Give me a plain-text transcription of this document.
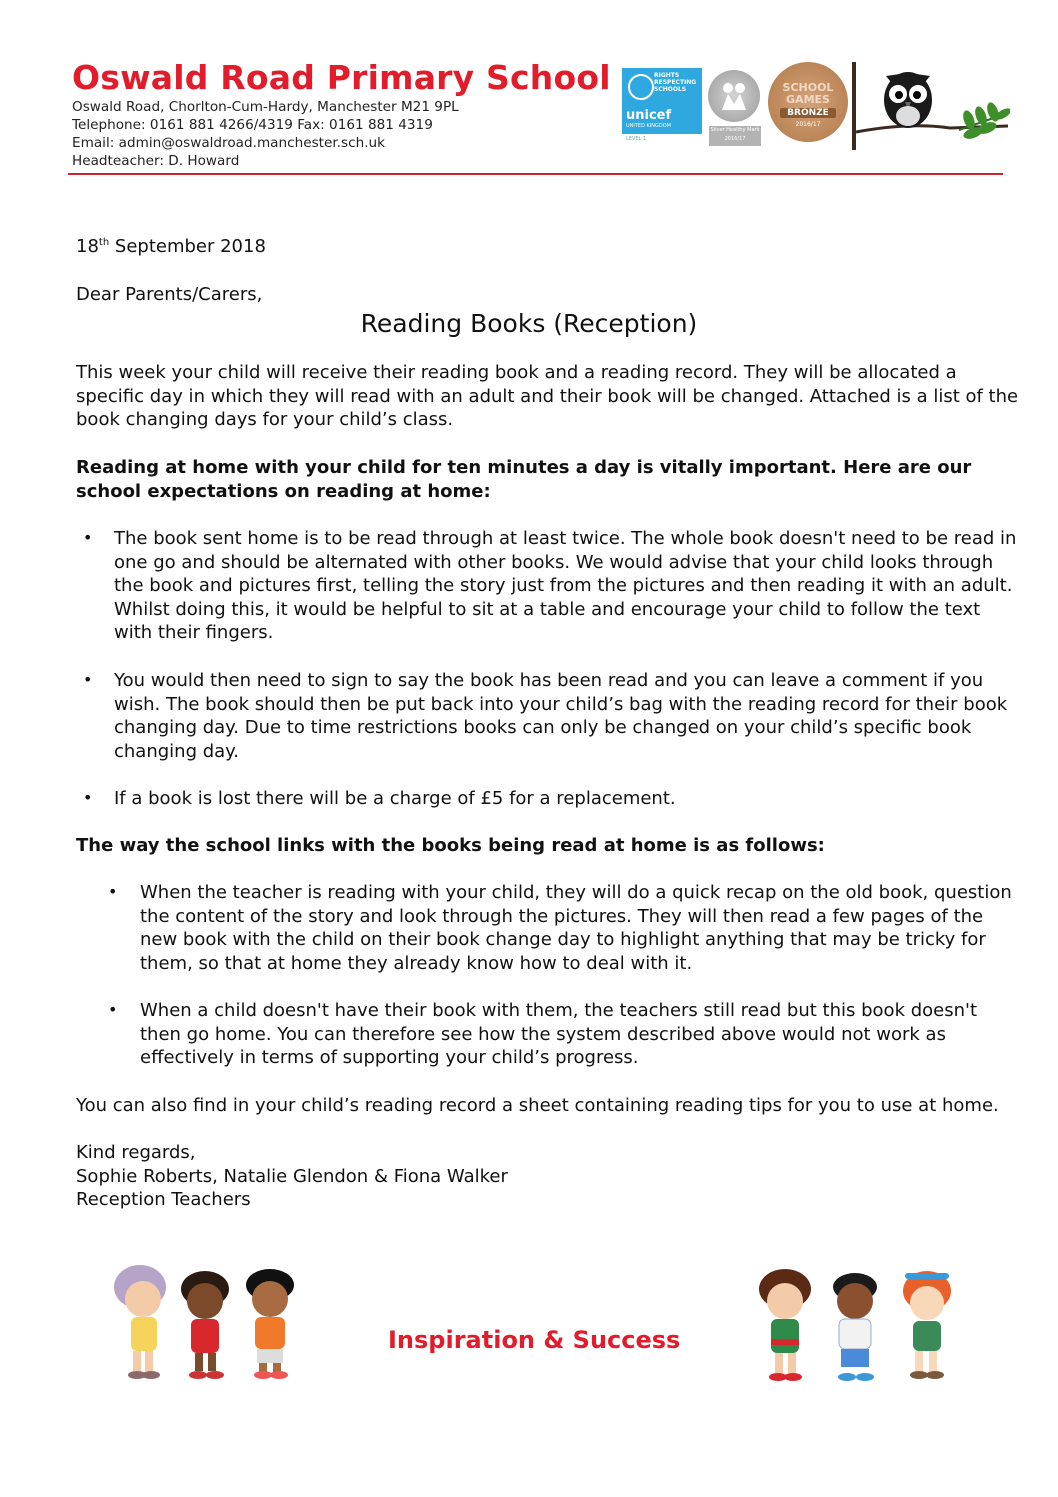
Oswald Road Primary School
Oswald Road, Chorlton-Cum-Hardy, Manchester M21 9PL
Telephone: 0161 881 4266/4319 Fax: 0161 881 4319
Email: admin@oswaldroad.manchester.sch.uk
Headteacher: D. Howard
RIGHTS RESPECTING SCHOOLS
unicef
UNITED KINGDOM
LEVEL 1
Silver Healthy Mark 2016/17
SCHOOL
GAMES
BRONZE
2016/17
18th September 2018
Dear Parents/Carers,
Reading Books (Reception)
This week your child will receive their reading book and a reading record. They will be allocated a
specific day in which they will read with an adult and their book will be changed. Attached is a list of the
book changing days for your child’s class.
Reading at home with your child for ten minutes a day is vitally important. Here are our
school expectations on reading at home:
• The book sent home is to be read through at least twice. The whole book doesn't need to be read in
one go and should be alternated with other books. We would advise that your child looks through
the book and pictures first, telling the story just from the pictures and then reading it with an adult.
Whilst doing this, it would be helpful to sit at a table and encourage your child to follow the text
with their fingers.
• You would then need to sign to say the book has been read and you can leave a comment if you
wish. The book should then be put back into your child’s bag with the reading record for their book
changing day. Due to time restrictions books can only be changed on your child’s specific book
changing day.
• If a book is lost there will be a charge of £5 for a replacement.
The way the school links with the books being read at home is as follows:
• When the teacher is reading with your child, they will do a quick recap on the old book, question
the content of the story and look through the pictures. They will then read a few pages of the
new book with the child on their book change day to highlight anything that may be tricky for
them, so that at home they already know how to deal with it.
• When a child doesn't have their book with them, the teachers still read but this book doesn't
then go home. You can therefore see how the system described above would not work as
effectively in terms of supporting your child’s progress.
You can also find in your child’s reading record a sheet containing reading tips for you to use at home.
Kind regards,
Sophie Roberts, Natalie Glendon & Fiona Walker
Reception Teachers
Inspiration & Success
